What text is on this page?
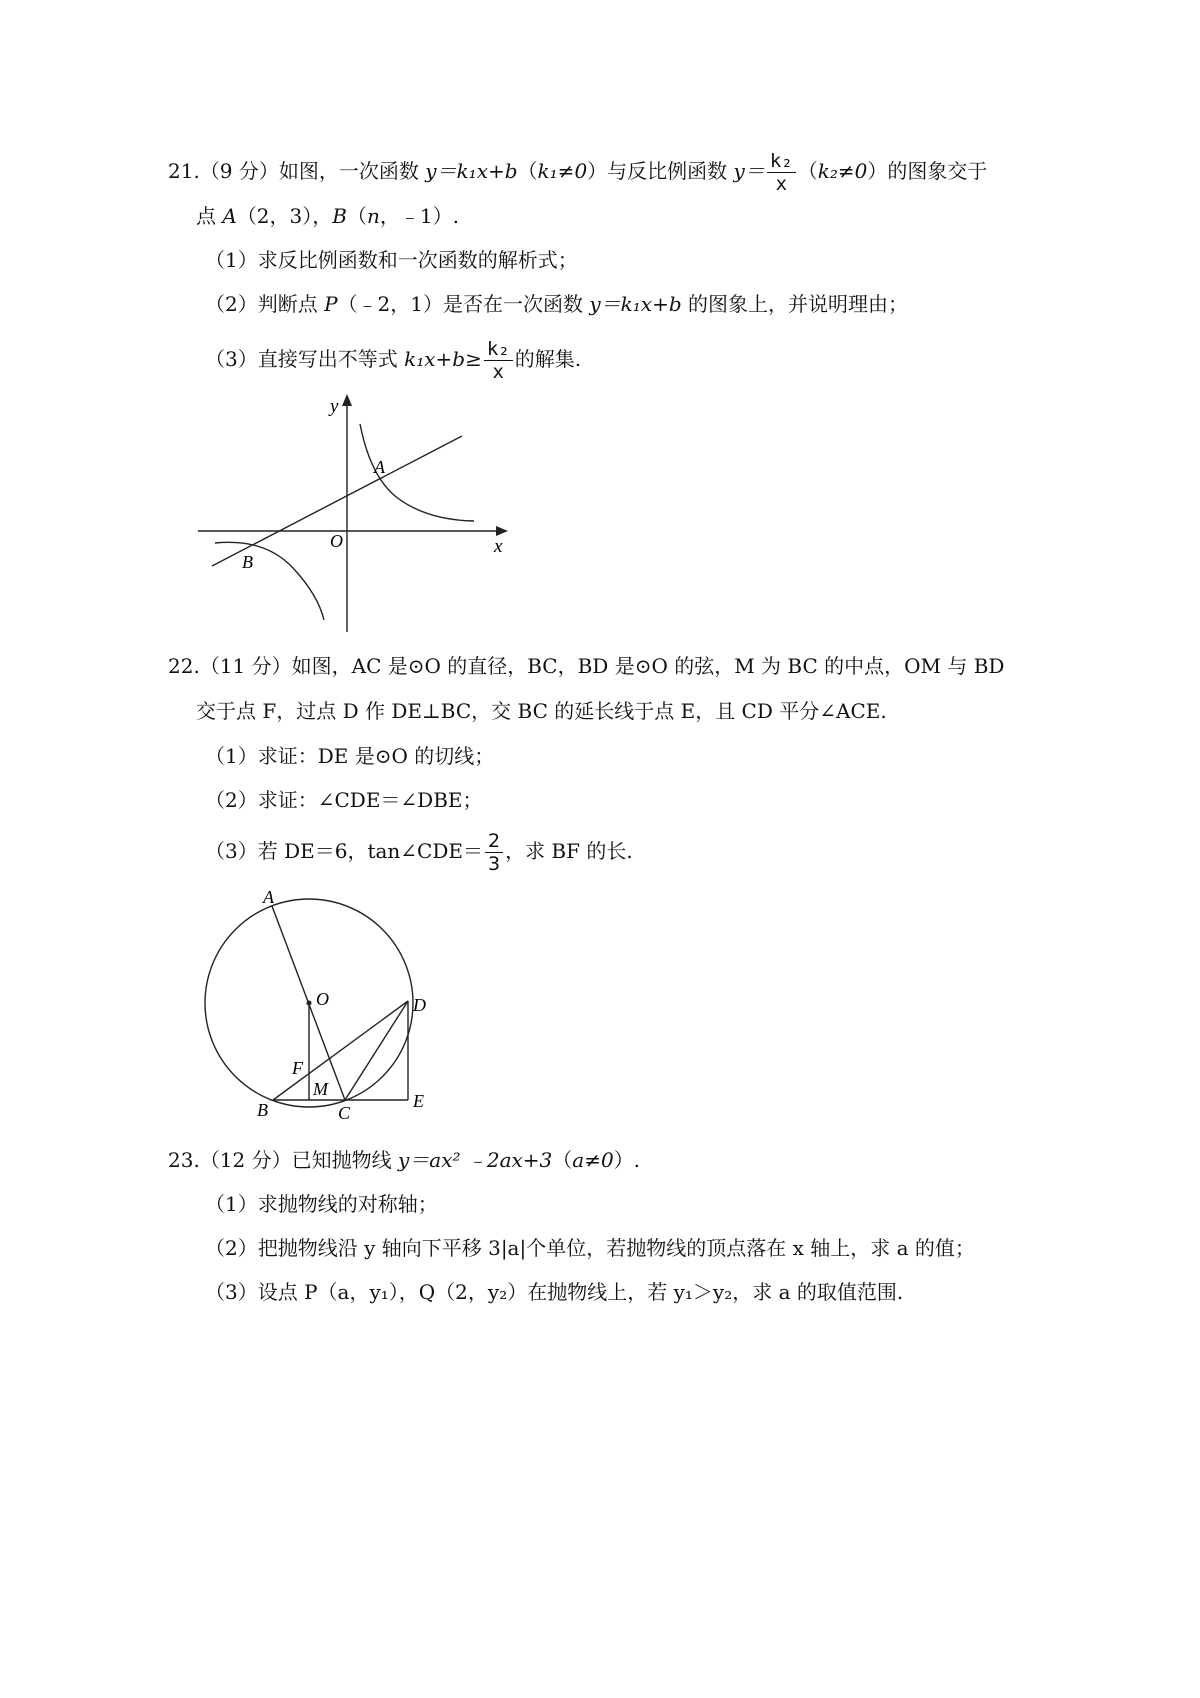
21.（9 分）如图，一次函数 y＝k₁x+b（k₁≠0）与反比例函数 $y= \frac{\text{k₂}}{x} (k_2\ne 0)$的图象交于
点 A（2，3），B（n，﹣1）.
（1）求反比例函数和一次函数的解析式；
（2）判断点 P（﹣2，1）是否在一次函数 y＝k₁x+b 的图象上，并说明理由；
（3）直接写出不等式 $k_1x+b\ge \frac{\text{k₂}}{x}$ 的解集.
y
x
O
A
B
22.（11 分）如图，AC 是⊙O 的直径，BC，BD 是⊙O 的弦，M 为 BC 的中点，OM 与 BD
交于点 F，过点 D 作 DE⊥BC，交 BC 的延长线于点 E，且 CD 平分∠ACE.
（1）求证：DE 是⊙O 的切线；
（2）求证：∠CDE＝∠DBE；
（3）若 DE＝6，tan∠CDE＝ $\frac{2}{3}$ ，求 BF 的长.
A
O	D
F
M
B	C
E
23.（12 分）已知抛物线 y＝ax² ﹣2ax+3（a≠0）.
（1）求抛物线的对称轴；
（2）把抛物线沿 y 轴向下平移 3|a|个单位，若抛物线的顶点落在 x 轴上，求 a 的值；
（3）设点 P（a，y₁），Q（2，y₂）在抛物线上，若 y₁＞y₂，求 a 的取值范围.
